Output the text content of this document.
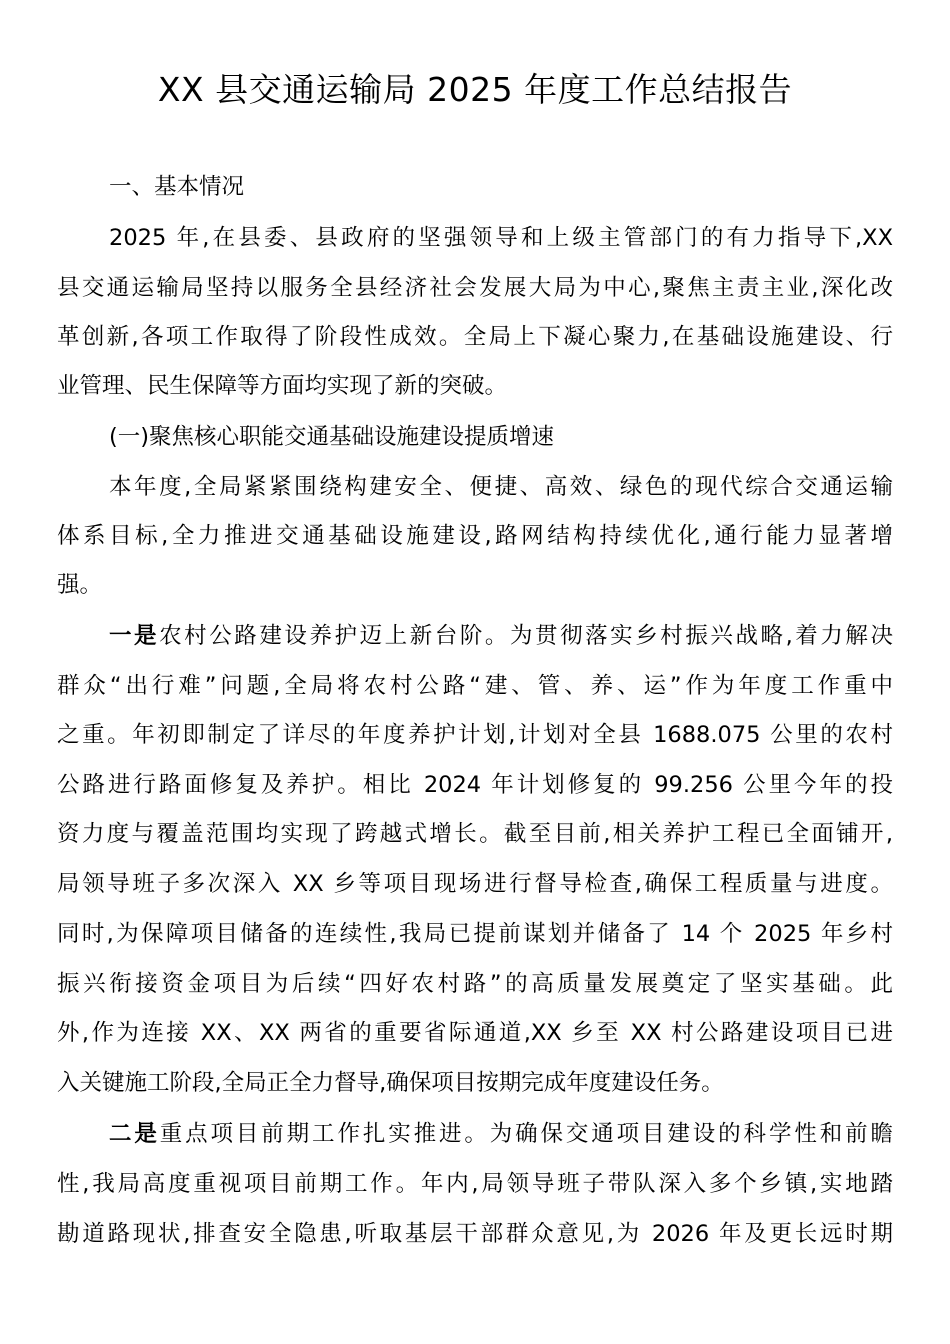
XX 县交通运输局 2025 年度工作总结报告
一、基本情况
2025 年,在县委、县政府的坚强领导和上级主管部门的有力指导下,XX
县交通运输局坚持以服务全县经济社会发展大局为中心,聚焦主责主业,深化改
革创新,各项工作取得了阶段性成效。全局上下凝心聚力,在基础设施建设、行
业管理、民生保障等方面均实现了新的突破。
(一)聚焦核心职能交通基础设施建设提质增速
本年度,全局紧紧围绕构建安全、便捷、高效、绿色的现代综合交通运输
体系目标,全力推进交通基础设施建设,路网结构持续优化,通行能力显著增
强。
一是农村公路建设养护迈上新台阶。为贯彻落实乡村振兴战略,着力解决
群众“出行难”问题,全局将农村公路“建、管、养、运”作为年度工作重中
之重。年初即制定了详尽的年度养护计划,计划对全县 1688.075 公里的农村
公路进行路面修复及养护。相比 2024 年计划修复的 99.256 公里今年的投
资力度与覆盖范围均实现了跨越式增长。截至目前,相关养护工程已全面铺开,
局领导班子多次深入 XX 乡等项目现场进行督导检查,确保工程质量与进度。
同时,为保障项目储备的连续性,我局已提前谋划并储备了 14 个 2025 年乡村
振兴衔接资金项目为后续“四好农村路”的高质量发展奠定了坚实基础。此
外,作为连接 XX、XX 两省的重要省际通道,XX 乡至 XX 村公路建设项目已进
入关键施工阶段,全局正全力督导,确保项目按期完成年度建设任务。
二是重点项目前期工作扎实推进。为确保交通项目建设的科学性和前瞻
性,我局高度重视项目前期工作。年内,局领导班子带队深入多个乡镇,实地踏
勘道路现状,排查安全隐患,听取基层干部群众意见,为 2026 年及更长远时期
